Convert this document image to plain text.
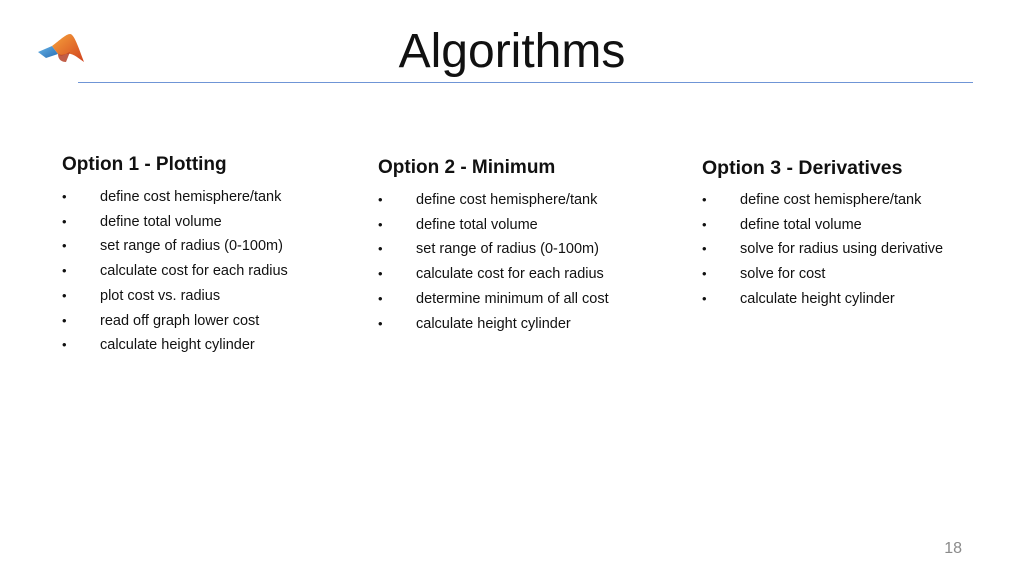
Algorithms
Option 1 - Plotting
•	define cost hemisphere/tank
•	define total volume
•	set range of radius (0-100m)
•	calculate cost for each radius
•	plot cost vs. radius
•	read off graph lower cost
•	calculate height cylinder
Option 2 - Minimum
•	define cost hemisphere/tank
•	define total volume
•	set range of radius (0-100m)
•	calculate cost for each radius
•	determine minimum of all cost
•	calculate height cylinder
Option 3 - Derivatives
•	define cost hemisphere/tank
•	define total volume
•	solve for radius using derivative
•	solve for cost
•	calculate height cylinder
18
